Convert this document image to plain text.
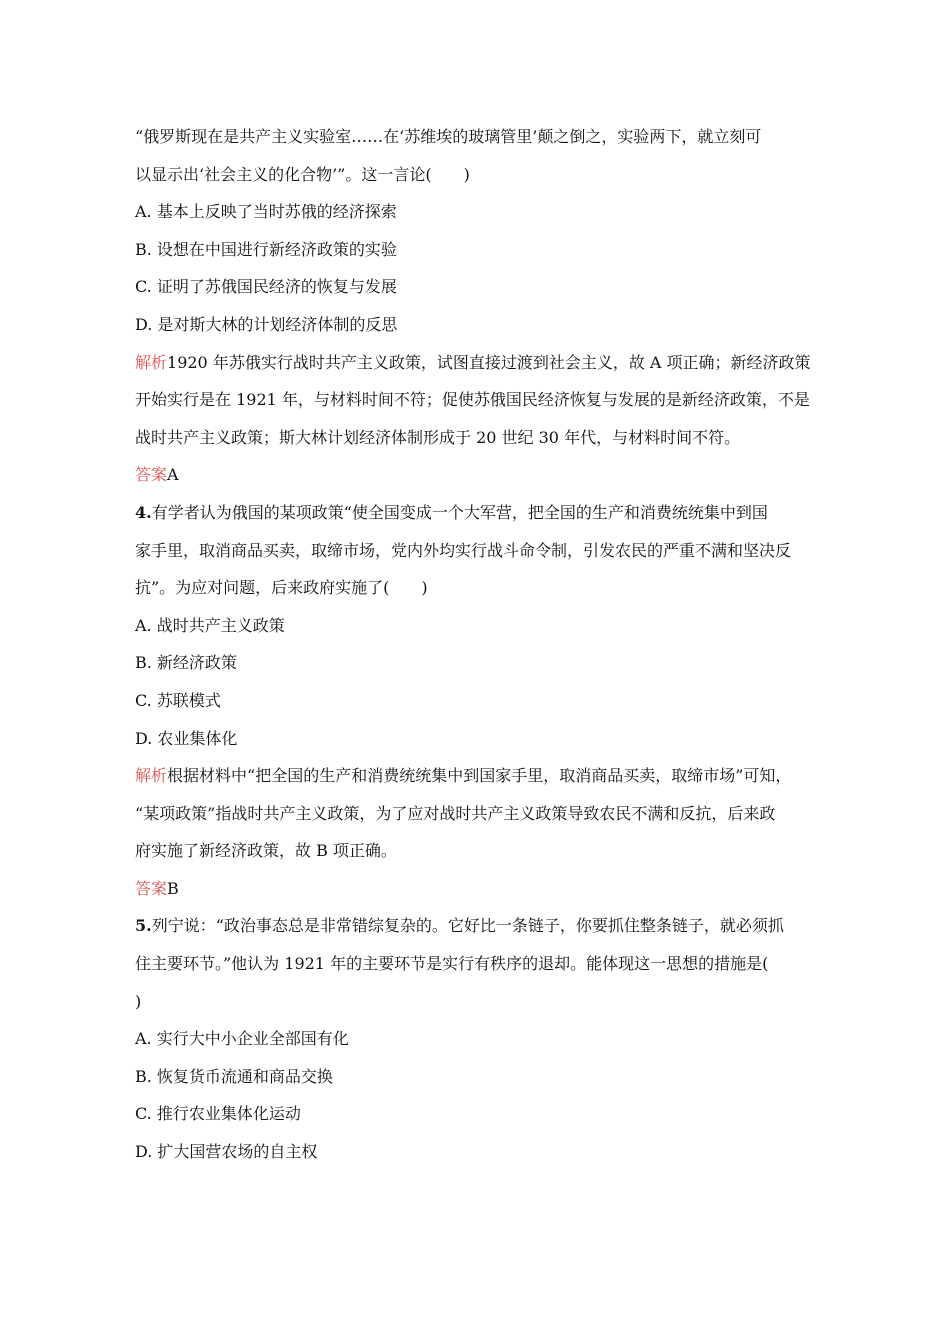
“俄罗斯现在是共产主义实验室……在‘苏维埃的玻璃管里’颠之倒之，实验两下，就立刻可
以显示出‘社会主义的化合物’”。这一言论(　　)
A. 基本上反映了当时苏俄的经济探索
B. 设想在中国进行新经济政策的实验
C. 证明了苏俄国民经济的恢复与发展
D. 是对斯大林的计划经济体制的反思
解析1920 年苏俄实行战时共产主义政策，试图直接过渡到社会主义，故 A 项正确；新经济政策
开始实行是在 1921 年，与材料时间不符；促使苏俄国民经济恢复与发展的是新经济政策，不是
战时共产主义政策；斯大林计划经济体制形成于 20 世纪 30 年代，与材料时间不符。
答案A
4.有学者认为俄国的某项政策“使全国变成一个大军营，把全国的生产和消费统统集中到国
家手里，取消商品买卖，取缔市场，党内外均实行战斗命令制，引发农民的严重不满和坚决反
抗”。为应对问题，后来政府实施了(　　)
A. 战时共产主义政策
B. 新经济政策
C. 苏联模式
D. 农业集体化
解析根据材料中“把全国的生产和消费统统集中到国家手里，取消商品买卖，取缔市场”可知，
“某项政策”指战时共产主义政策，为了应对战时共产主义政策导致农民不满和反抗，后来政
府实施了新经济政策，故 B 项正确。
答案B
5.列宁说：“政治事态总是非常错综复杂的。它好比一条链子，你要抓住整条链子，就必须抓
住主要环节。”他认为 1921 年的主要环节是实行有秩序的退却。能体现这一思想的措施是(
)
A. 实行大中小企业全部国有化
B. 恢复货币流通和商品交换
C. 推行农业集体化运动
D. 扩大国营农场的自主权
